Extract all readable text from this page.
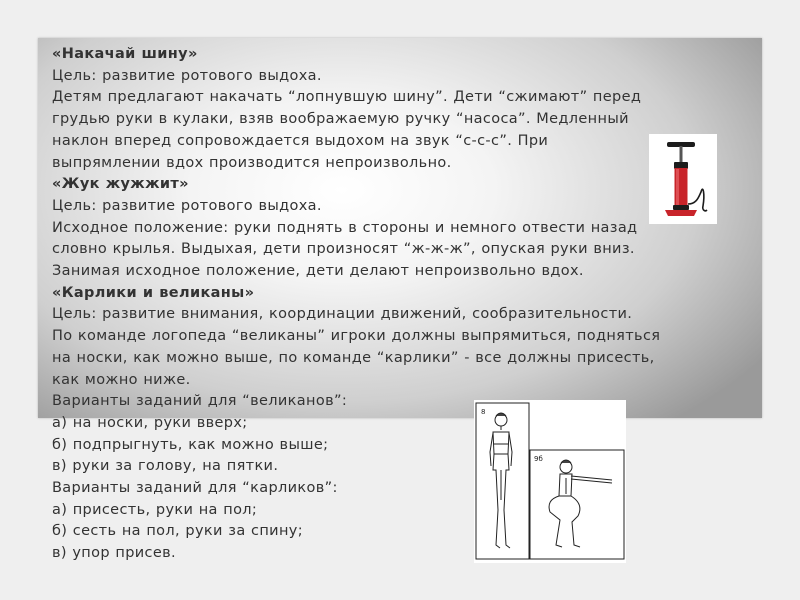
«Накачай шину»

Цель: развитие ротового выдоха.

Детям предлагают накачать “лопнувшую шину”. Дети “сжимают” перед

грудью руки в кулаки, взяв воображаемую ручку “насоса”. Медленный

наклон вперед сопровождается выдохом на звук “с-с-с”. При

выпрямлении вдох производится непроизвольно.

«Жук жужжит»

Цель: развитие ротового выдоха.

Исходное положение: руки поднять в стороны и немного отвести назад

словно крылья. Выдыхая, дети произносят “ж-ж-ж”, опуская руки вниз.

Занимая исходное положение, дети делают непроизвольно вдох.

«Карлики и великаны»

Цель: развитие внимания, координации движений, сообразительности.

По команде логопеда “великаны” игроки должны выпрямиться, подняться

на носки, как можно выше, по команде “карлики” - все должны присесть,

как можно ниже.

Варианты заданий для “великанов”:

а) на носки, руки вверх;

б) подпрыгнуть, как можно выше;

в) руки за голову, на пятки.

Варианты заданий для “карликов”:

а) присесть, руки на пол;

б) сесть на пол, руки за спину;

в) упор присев.

8
9б
